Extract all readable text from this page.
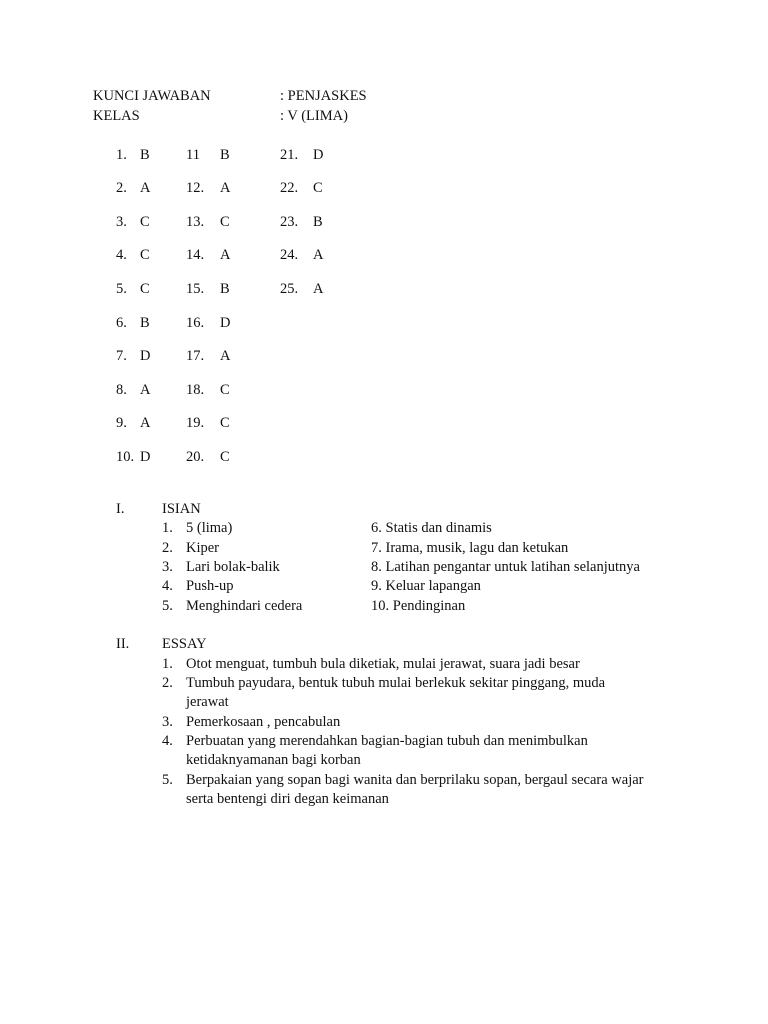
KUNCI JAWABAN	: PENJASKES
KELAS	: V (LIMA)
1. B
2. A
3. C
4. C
5. C
6. B
7. D
8. A
9. A
10. D
11 B
12. A
13. C
14. A
15. B
16. D
17. A
18. C
19. C
20. C
21. D
22. C
23. B
24. A
25. A
I.	ISIAN
1. 5 (lima)
2. Kiper
3. Lari bolak-balik
4. Push-up
5. Menghindari cedera
6. Statis dan dinamis
7. Irama, musik, lagu dan ketukan
8. Latihan pengantar untuk latihan selanjutnya
9. Keluar lapangan
10. Pendinginan
II. ESSAY
1. Otot menguat, tumbuh bula diketiak, mulai jerawat, suara jadi besar
2. Tumbuh payudara, bentuk tubuh mulai berlekuk sekitar pinggang, muda
jerawat
3. Pemerkosaan , pencabulan
4. Perbuatan yang merendahkan bagian-bagian tubuh dan menimbulkan
ketidaknyamanan bagi korban
5. Berpakaian yang sopan bagi wanita dan berprilaku sopan, bergaul secara wajar
serta bentengi diri degan keimanan
